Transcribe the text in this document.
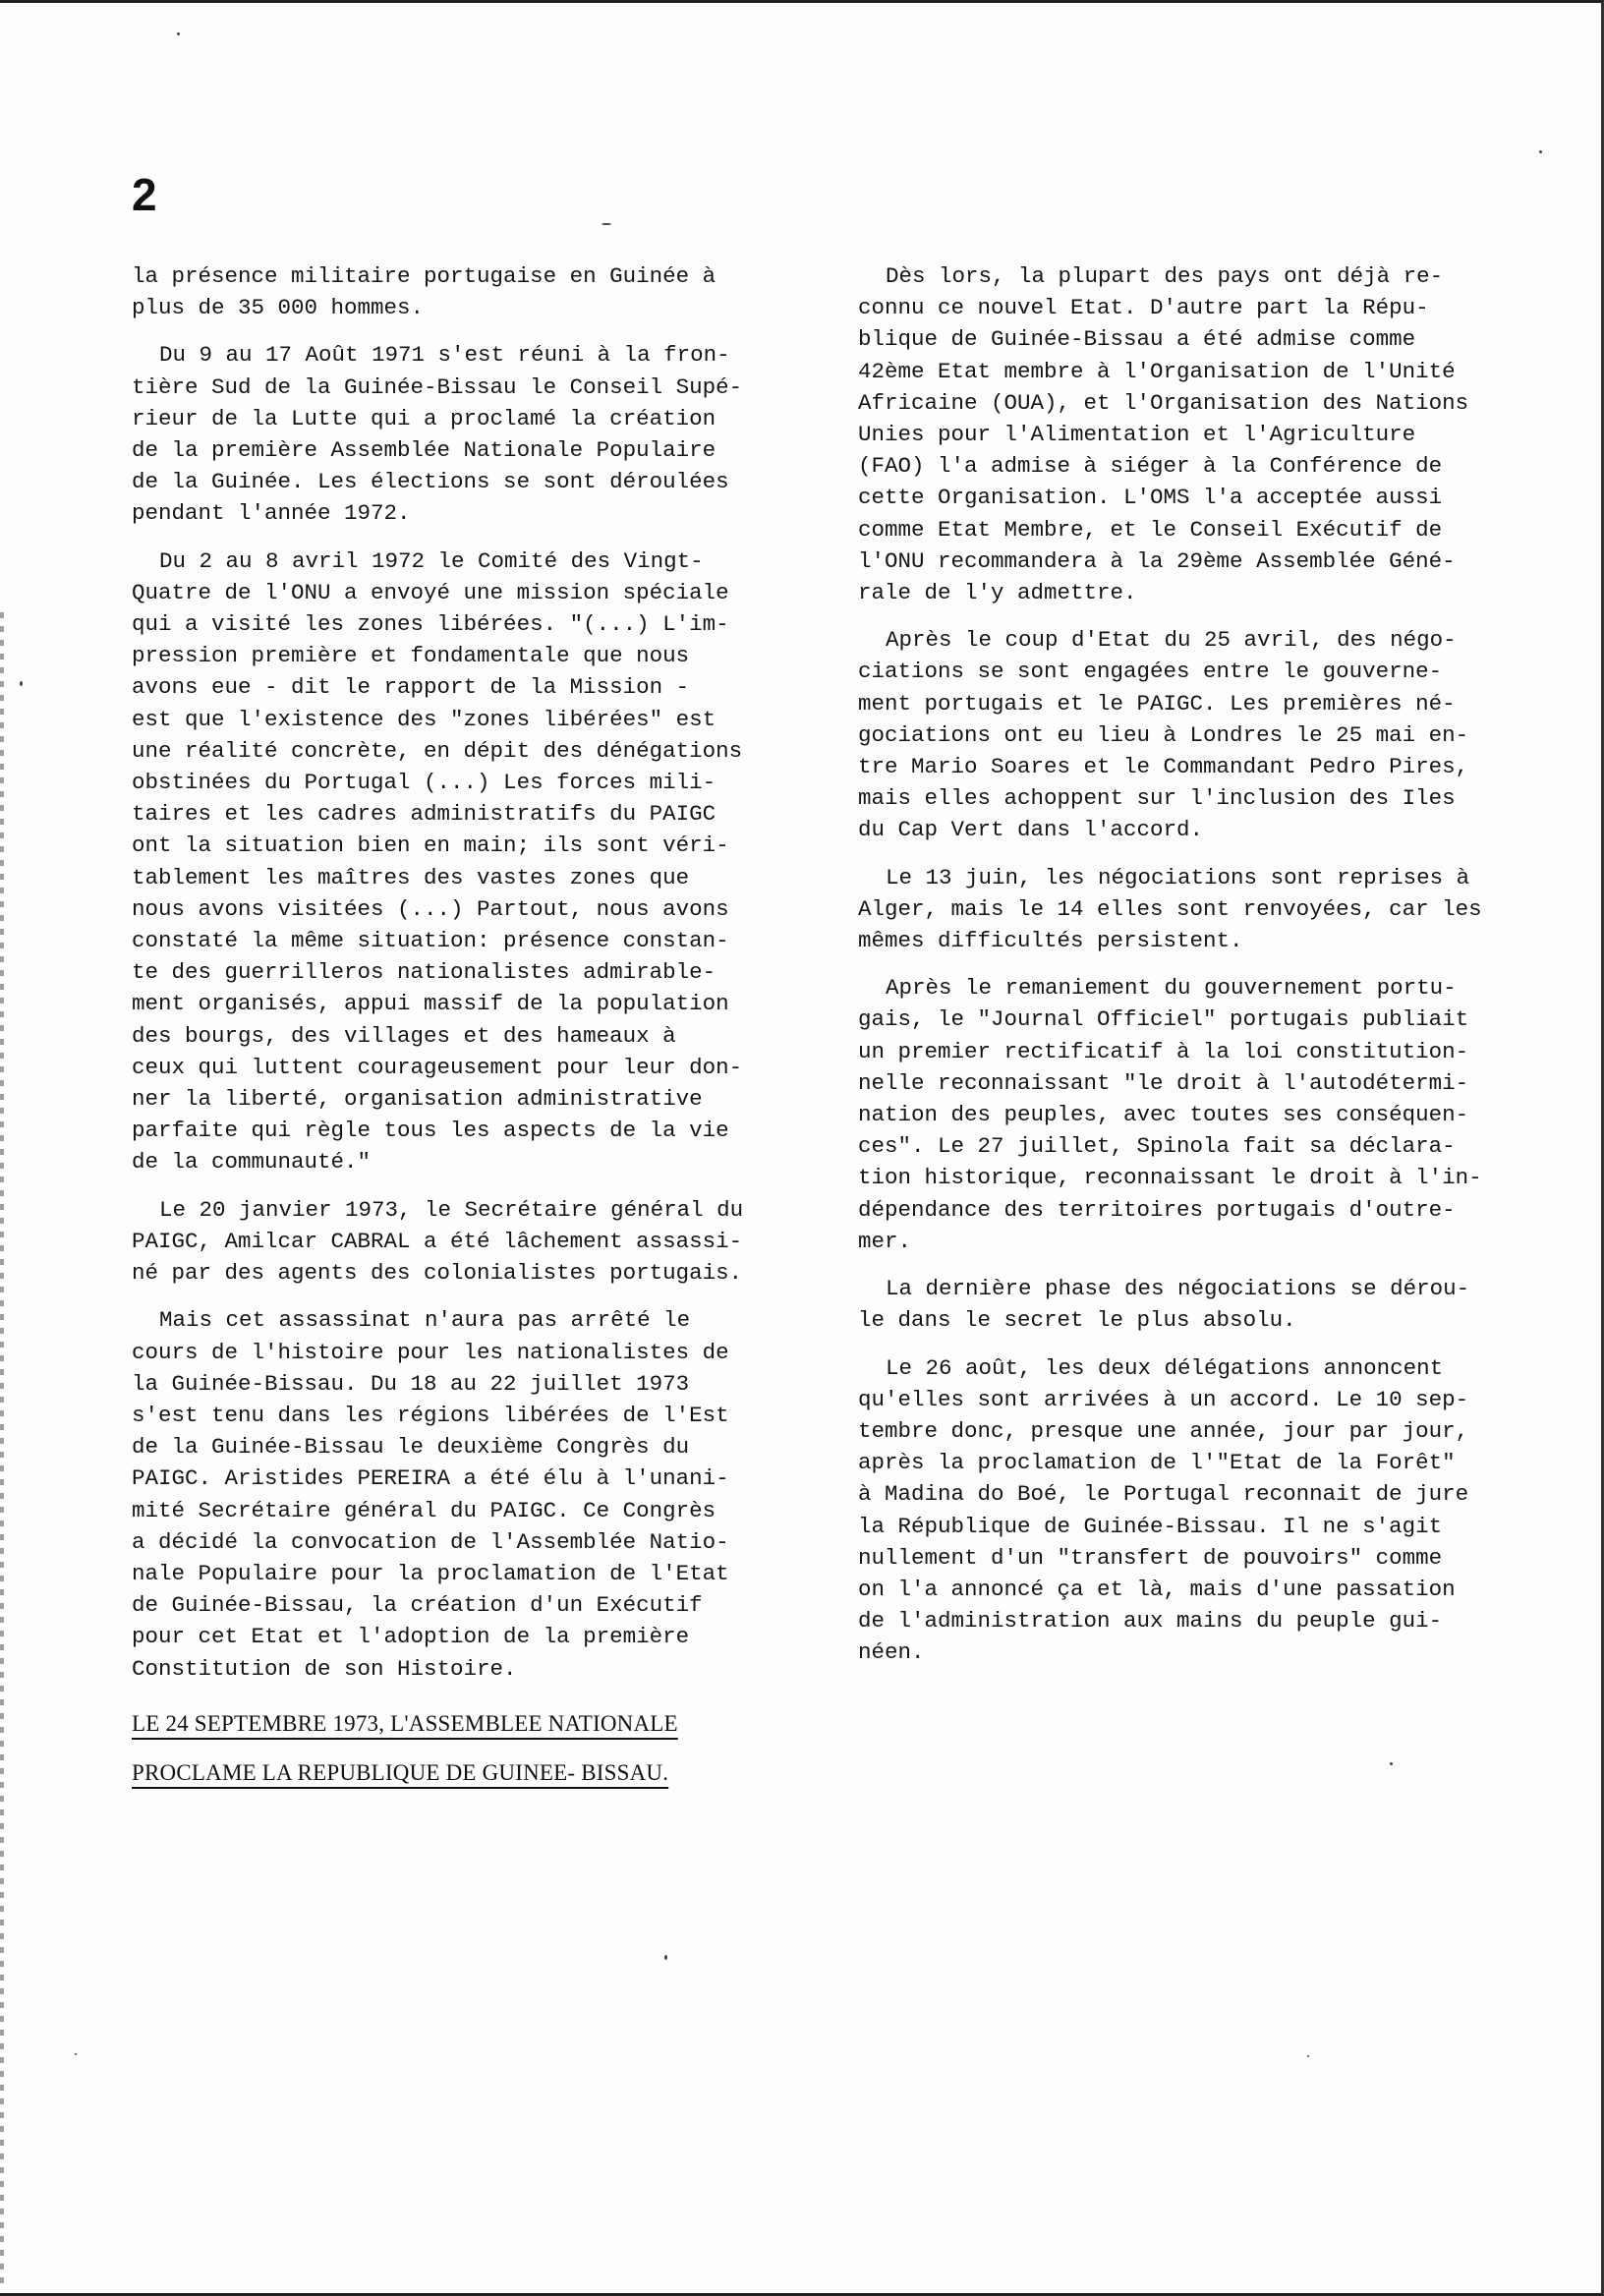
2

la présence militaire portugaise en Guinée à
plus de 35 000 hommes.

Du 9 au 17 Août 1971 s'est réuni à la fron-
tière Sud de la Guinée-Bissau le Conseil Supé-
rieur de la Lutte qui a proclamé la création
de la première Assemblée Nationale Populaire
de la Guinée. Les élections se sont déroulées
pendant l'année 1972.

Du 2 au 8 avril 1972 le Comité des Vingt-
Quatre de l'ONU a envoyé une mission spéciale
qui a visité les zones libérées. "(...) L'im-
pression première et fondamentale que nous
avons eue - dit le rapport de la Mission -
est que l'existence des "zones libérées" est
une réalité concrète, en dépit des dénégations
obstinées du Portugal (...) Les forces mili-
taires et les cadres administratifs du PAIGC
ont la situation bien en main; ils sont véri-
tablement les maîtres des vastes zones que
nous avons visitées (...) Partout, nous avons
constaté la même situation: présence constan-
te des guerrilleros nationalistes admirable-
ment organisés, appui massif de la population
des bourgs, des villages et des hameaux à
ceux qui luttent courageusement pour leur don-
ner la liberté, organisation administrative
parfaite qui règle tous les aspects de la vie
de la communauté."

Le 20 janvier 1973, le Secrétaire général du
PAIGC, Amilcar CABRAL a été lâchement assassi-
né par des agents des colonialistes portugais.

Mais cet assassinat n'aura pas arrêté le
cours de l'histoire pour les nationalistes de
la Guinée-Bissau. Du 18 au 22 juillet 1973
s'est tenu dans les régions libérées de l'Est
de la Guinée-Bissau le deuxième Congrès du
PAIGC. Aristides PEREIRA a été élu à l'unani-
mité Secrétaire général du PAIGC. Ce Congrès
a décidé la convocation de l'Assemblée Natio-
nale Populaire pour la proclamation de l'Etat
de Guinée-Bissau, la création d'un Exécutif
pour cet Etat et l'adoption de la première
Constitution de son Histoire.

LE 24 SEPTEMBRE 1973, L'ASSEMBLEE NATIONALE
PROCLAME LA REPUBLIQUE DE GUINEE- BISSAU.

Dès lors, la plupart des pays ont déjà re-
connu ce nouvel Etat. D'autre part la Répu-
blique de Guinée-Bissau a été admise comme
42ème Etat membre à l'Organisation de l'Unité
Africaine (OUA), et l'Organisation des Nations
Unies pour l'Alimentation et l'Agriculture
(FAO) l'a admise à siéger à la Conférence de
cette Organisation. L'OMS l'a acceptée aussi
comme Etat Membre, et le Conseil Exécutif de
l'ONU recommandera à la 29ème Assemblée Géné-
rale de l'y admettre.

Après le coup d'Etat du 25 avril, des négo-
ciations se sont engagées entre le gouverne-
ment portugais et le PAIGC. Les premières né-
gociations ont eu lieu à Londres le 25 mai en-
tre Mario Soares et le Commandant Pedro Pires,
mais elles achoppent sur l'inclusion des Iles
du Cap Vert dans l'accord.

Le 13 juin, les négociations sont reprises à
Alger, mais le 14 elles sont renvoyées, car les
mêmes difficultés persistent.

Après le remaniement du gouvernement portu-
gais, le "Journal Officiel" portugais publiait
un premier rectificatif à la loi constitution-
nelle reconnaissant "le droit à l'autodétermi-
nation des peuples, avec toutes ses conséquen-
ces". Le 27 juillet, Spinola fait sa déclara-
tion historique, reconnaissant le droit à l'in-
dépendance des territoires portugais d'outre-
mer.

La dernière phase des négociations se dérou-
le dans le secret le plus absolu.

Le 26 août, les deux délégations annoncent
qu'elles sont arrivées à un accord. Le 10 sep-
tembre donc, presque une année, jour par jour,
après la proclamation de l'"Etat de la Forêt"
à Madina do Boé, le Portugal reconnait de jure
la République de Guinée-Bissau. Il ne s'agit
nullement d'un "transfert de pouvoirs" comme
on l'a annoncé ça et là, mais d'une passation
de l'administration aux mains du peuple gui-
néen.
